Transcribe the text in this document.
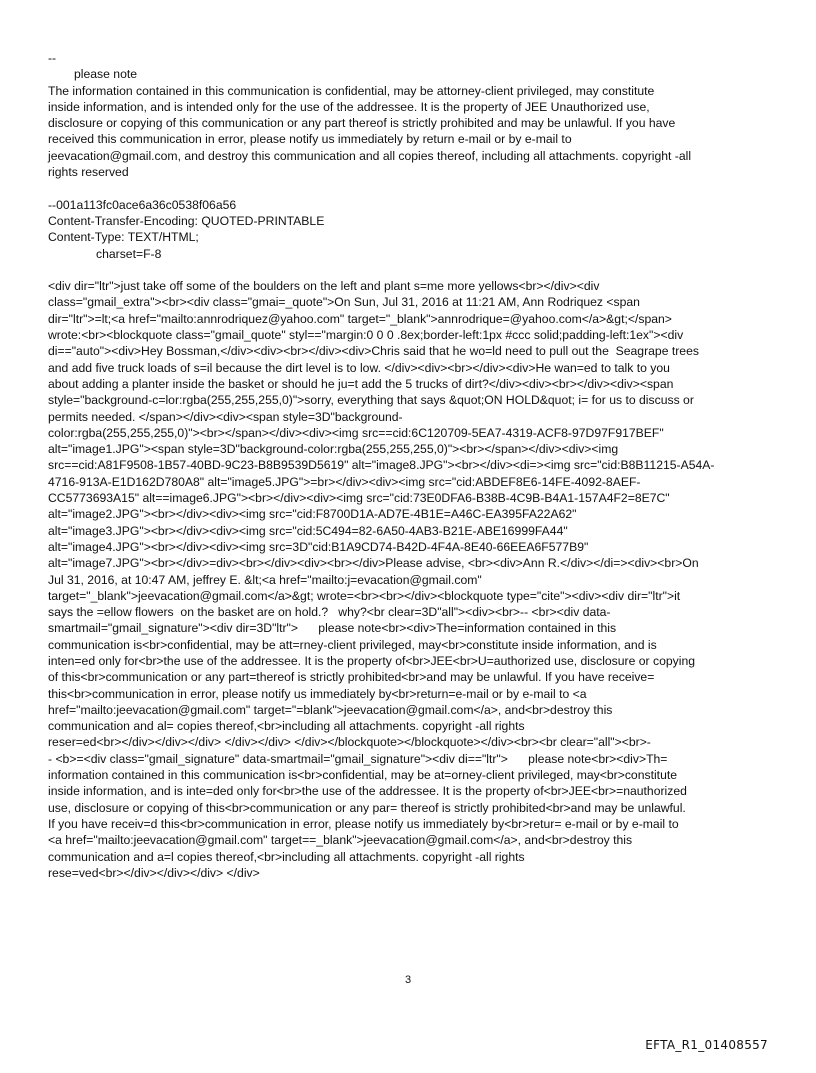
--
please note
The information contained in this communication is confidential, may be attorney-client privileged, may constitute
inside information, and is intended only for the use of the addressee. It is the property of JEE Unauthorized use,
disclosure or copying of this communication or any part thereof is strictly prohibited and may be unlawful. If you have
received this communication in error, please notify us immediately by return e-mail or by e-mail to
jeevacation@gmail.com, and destroy this communication and all copies thereof, including all attachments. copyright -all
rights reserved
--001a113fc0ace6a36c0538f06a56
Content-Transfer-Encoding: QUOTED-PRINTABLE
Content-Type: TEXT/HTML;
charset=F-8
<div dir="ltr">just take off some of the boulders on the left and plant s=me more yellows<br></div><div
class="gmail_extra"><br><div class="gmai=_quote">On Sun, Jul 31, 2016 at 11:21 AM, Ann Rodriquez <span
dir="ltr">=lt;<a href="mailto:annrodriquez@yahoo.com" target="_blank">annrodrique=@yahoo.com</a>&gt;</span>
wrote:<br><blockquote class="gmail_quote" styl=="margin:0 0 0 .8ex;border-left:1px #ccc solid;padding-left:1ex"><div
di=="auto"><div>Hey Bossman,</div><div><br></div><div>Chris said that he wo=ld need to pull out the  Seagrape trees
and add five truck loads of s=il because the dirt level is to low. </div><div><br></div><div>He wan=ed to talk to you
about adding a planter inside the basket or should he ju=t add the 5 trucks of dirt?</div><div><br></div><div><span
style="background-c=lor:rgba(255,255,255,0)">sorry, everything that says &quot;ON HOLD&quot; i= for us to discuss or
permits needed. </span></div><div><span style=3D"background-
color:rgba(255,255,255,0)"><br></span></div><div><img src==cid:6C120709-5EA7-4319-ACF8-97D97F917BEF"
alt="image1.JPG"><span style=3D"background-color:rgba(255,255,255,0)"><br></span></div><div><img
src==cid:A81F9508-1B57-40BD-9C23-B8B9539D5619" alt="image8.JPG"><br></div><di=><img src="cid:B8B11215-A54A-
4716-913A-E1D162D780A8" alt="image5.JPG">=br></div><div><img src="cid:ABDEF8E6-14FE-4092-8AEF-
CC5773693A15" alt==image6.JPG"><br></div><div><img src="cid:73E0DFA6-B38B-4C9B-B4A1-157A4F2=8E7C"
alt="image2.JPG"><br></div><div><img src="cid:F8700D1A-AD7E-4B1E=A46C-EA395FA22A62"
alt="image3.JPG"><br></div><div><img src="cid:5C494=82-6A50-4AB3-B21E-ABE16999FA44"
alt="image4.JPG"><br></div><div><img src=3D"cid:B1A9CD74-B42D-4F4A-8E40-66EEA6F577B9"
alt="image7.JPG"><br></div>=div><br></div><div><br></div>Please advise, <br><div>Ann R.</div></di=><div><br>On
Jul 31, 2016, at 10:47 AM, jeffrey E. &lt;<a href="mailto:j=evacation@gmail.com"
target="_blank">jeevacation@gmail.com</a>&gt; wrote=<br><br></div><blockquote type="cite"><div><div dir="ltr">it
says the =ellow flowers  on the basket are on hold.?   why?<br clear=3D"all"><div><br>-- <br><div data-
smartmail="gmail_signature"><div dir=3D"ltr">      please note<br><div>The=information contained in this
communication is<br>confidential, may be att=rney-client privileged, may<br>constitute inside information, and is
inten=ed only for<br>the use of the addressee. It is the property of<br>JEE<br>U=authorized use, disclosure or copying
of this<br>communication or any part=thereof is strictly prohibited<br>and may be unlawful. If you have receive=
this<br>communication in error, please notify us immediately by<br>return=e-mail or by e-mail to <a
href="mailto:jeevacation@gmail.com" target="=blank">jeevacation@gmail.com</a>, and<br>destroy this
communication and al= copies thereof,<br>including all attachments. copyright -all rights
reser=ed<br></div></div></div> </div></div> </div></blockquote></blockquote></div><br><br clear="all"><br>-
- <b>=<div class="gmail_signature" data-smartmail="gmail_signature"><div di=="ltr">      please note<br><div>Th=
information contained in this communication is<br>confidential, may be at=orney-client privileged, may<br>constitute
inside information, and is inte=ded only for<br>the use of the addressee. It is the property of<br>JEE<br>=nauthorized
use, disclosure or copying of this<br>communication or any par= thereof is strictly prohibited<br>and may be unlawful.
If you have receiv=d this<br>communication in error, please notify us immediately by<br>retur= e-mail or by e-mail to
<a href="mailto:jeevacation@gmail.com" target==_blank">jeevacation@gmail.com</a>, and<br>destroy this
communication and a=l copies thereof,<br>including all attachments. copyright -all rights
rese=ved<br></div></div></div> </div>
3
EFTA_R1_01408557
